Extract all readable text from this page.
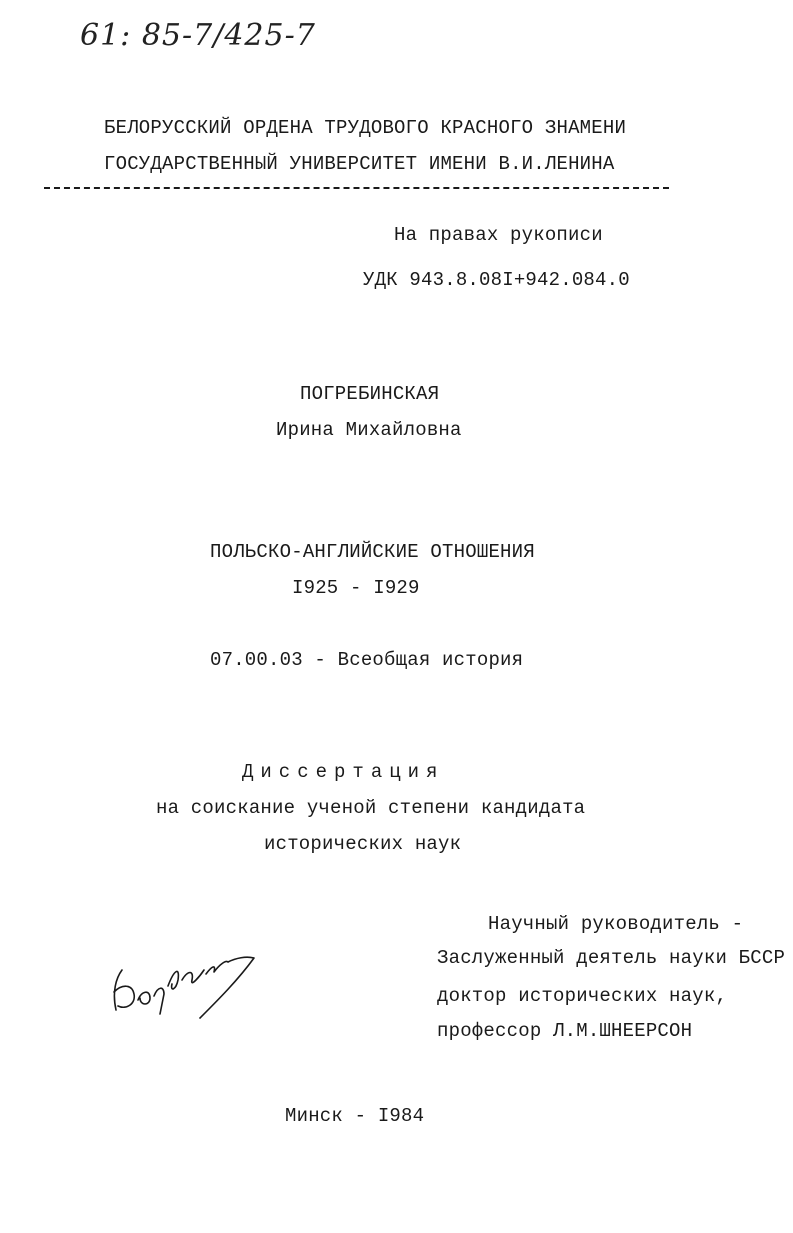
61: 85-7/425-7
БЕЛОРУССКИЙ ОРДЕНА ТРУДОВОГО КРАСНОГО ЗНАМЕНИ
ГОСУДАРСТВЕННЫЙ УНИВЕРСИТЕТ ИМЕНИ В.И.ЛЕНИНА
На правах рукописи
УДК 943.8.08I+942.084.0
ПОГРЕБИНСКАЯ
Ирина Михайловна
ПОЛЬСКО-АНГЛИЙСКИЕ ОТНОШЕНИЯ
I925 - I929
07.00.03 - Всеобщая история
Диссертация
на соискание ученой степени кандидата
исторических наук
Научный руководитель -
Заслуженный деятель науки БССР
доктор исторических наук,
профессор Л.М.ШНЕЕРСОН
Минск - I984
